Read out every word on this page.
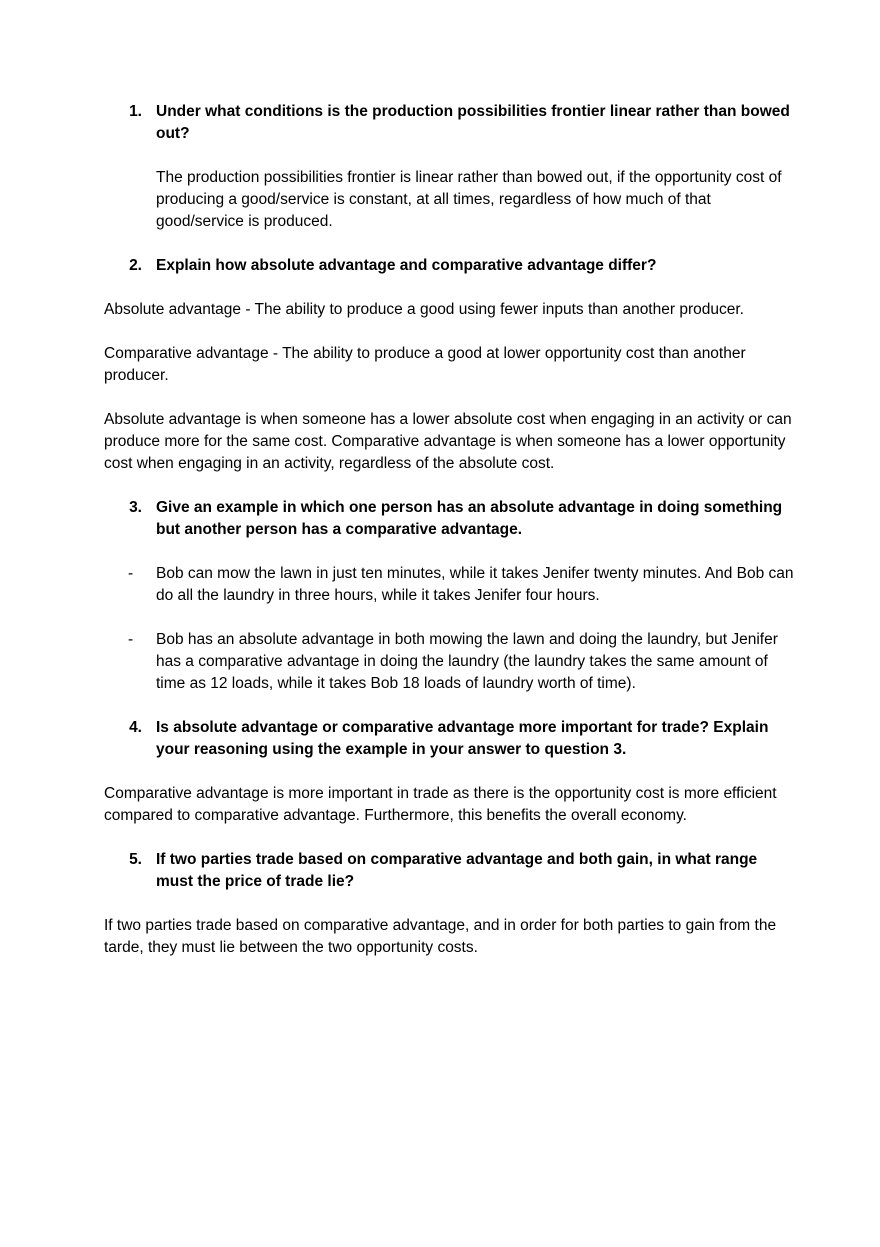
1. Under what conditions is the production possibilities frontier linear rather than bowed out?

The production possibilities frontier is linear rather than bowed out, if the opportunity cost of producing a good/service is constant, at all times, regardless of how much of that good/service is produced.

2. Explain how absolute advantage and comparative advantage differ?

Absolute advantage - The ability to produce a good using fewer inputs than another producer.

Comparative advantage - The ability to produce a good at lower opportunity cost than another producer.

Absolute advantage is when someone has a lower absolute cost when engaging in an activity or can produce more for the same cost. Comparative advantage is when someone has a lower opportunity cost when engaging in an activity, regardless of the absolute cost.

3. Give an example in which one person has an absolute advantage in doing something but another person has a comparative advantage.
-	Bob can mow the lawn in just ten minutes, while it takes Jenifer twenty minutes. And Bob can do all the laundry in three hours, while it takes Jenifer four hours.
-	Bob has an absolute advantage in both mowing the lawn and doing the laundry, but Jenifer has a comparative advantage in doing the laundry (the laundry takes the same amount of time as 12 loads, while it takes Bob 18 loads of laundry worth of time).
4. Is absolute advantage or comparative advantage more important for trade? Explain your reasoning using the example in your answer to question 3.

Comparative advantage is more important in trade as there is the opportunity cost is more efficient compared to comparative advantage. Furthermore, this benefits the overall economy.

5. If two parties trade based on comparative advantage and both gain, in what range must the price of trade lie?

If two parties trade based on comparative advantage, and in order for both parties to gain from the tarde, they must lie between the two opportunity costs.
